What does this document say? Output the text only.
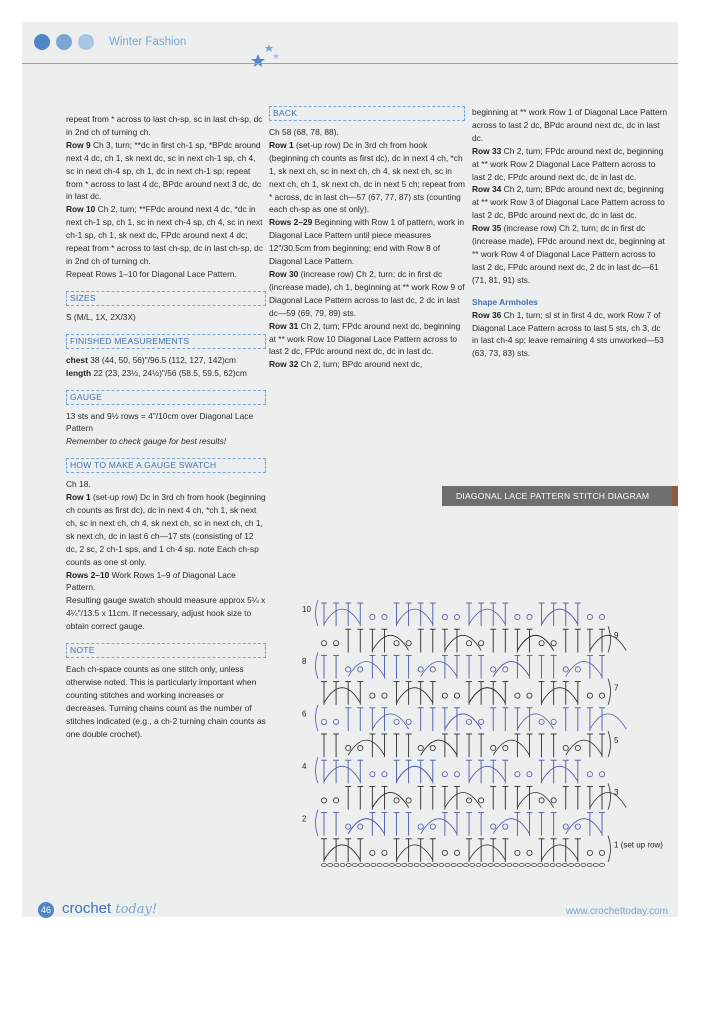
Winter Fashion

repeat from * across to last ch-sp, sc in last ch-sp, dc in 2nd ch of turning ch.

Row 9 Ch 3, turn; **dc in first ch-1 sp, *BPdc around next 4 dc, ch 1, sk next dc, sc in next ch-1 sp, ch 4, sc in next ch-4 sp, ch 1, dc in next ch-1 sp; repeat from * across to last 4 dc, BPdc around next 3 dc, dc in last dc.

Row 10 Ch 2, turn; **FPdc around next 4 dc, *dc in next ch-1 sp, ch 1, sc in next ch-4 sp, ch 4, sc in next ch-1 sp, ch 1, sk next dc, FPdc around next 4 dc; repeat from * across to last ch-sp, dc in last ch-sp, dc in 2nd ch of turning ch.

Repeat Rows 1–10 for Diagonal Lace Pattern.

SIZES

S (M/L, 1X, 2X/3X)

FINISHED MEASUREMENTS

chest 38 (44, 50, 56)"/96.5 (112, 127, 142)cm

length 22 (23, 23½, 24½)"/56 (58.5, 59.5, 62)cm

GAUGE

13 sts and 9½ rows = 4"/10cm over Diagonal Lace Pattern

Remember to check gauge for best results!

HOW TO MAKE A GAUGE SWATCH

Ch 18.

Row 1 (set-up row) Dc in 3rd ch from hook (beginning ch counts as first dc), dc in next 4 ch, *ch 1, sk next ch, sc in next ch, ch 4, sk next ch, sc in next ch, ch 1, sk next ch, dc in last 6 ch—17 sts (consisting of 12 dc, 2 sc, 2 ch-1 sps, and 1 ch-4 sp. note Each ch-sp counts as one st only.

Rows 2–10 Work Rows 1–9 of Diagonal Lace Pattern.

Resulting gauge swatch should measure approx 5¼ x 4¼"/13.5 x 11cm. If necessary, adjust hook size to obtain correct gauge.

NOTE

Each ch-space counts as one stitch only, unless otherwise noted. This is particularly important when counting stitches and working increases or decreases. Turning chains count as the number of stitches indicated (e.g., a ch-2 turning chain counts as one double crochet).

BACK

Ch 58 (68, 78, 88).

Row 1 (set-up row) Dc in 3rd ch from hook (beginning ch counts as first dc), dc in next 4 ch, *ch 1, sk next ch, sc in next ch, ch 4, sk next ch, sc in next ch, ch 1, sk next ch, dc in next 5 ch; repeat from * across, dc in last ch—57 (67, 77, 87) sts (counting each ch-sp as one st only).

Rows 2–29 Beginning with Row 1 of pattern, work in Diagonal Lace Pattern until piece measures 12"/30.5cm from beginning; end with Row 8 of Diagonal Lace Pattern.

Row 30 (increase row) Ch 2, turn; dc in first dc (increase made), ch 1, beginning at ** work Row 9 of Diagonal Lace Pattern across to last dc, 2 dc in last dc—59 (69, 79, 89) sts.

Row 31 Ch 2, turn; FPdc around next dc, beginning at ** work Row 10 Diagonal Lace Pattern across to last 2 dc, FPdc around next dc, dc in last dc.

Row 32 Ch 2, turn; BPdc around next dc,

beginning at ** work Row 1 of Diagonal Lace Pattern across to last 2 dc, BPdc around next dc, dc in last dc.

Row 33 Ch 2, turn; FPdc around next dc, beginning at ** work Row 2 Diagonal Lace Pattern across to last 2 dc, FPdc around next dc, dc in last dc.

Row 34 Ch 2, turn; BPdc around next dc, beginning at ** work Row 3 of Diagonal Lace Pattern across to last 2 dc, BPdc around next dc, dc in last dc.

Row 35 (increase row) Ch 2, turn; dc in first dc (increase made), FPdc around next dc, beginning at ** work Row 4 of Diagonal Lace Pattern across to last 2 dc, FPdc around next dc, 2 dc in last dc—61 (71, 81, 91) sts.

Shape Armholes

Row 36 Ch 1, turn; sl st in first 4 dc, work Row 7 of Diagonal Lace Pattern across to last 5 sts, ch 3, dc in last ch-4 sp; leave remaining 4 sts unworked—53 (63, 73, 83) sts.

DIAGONAL LACE PATTERN STITCH DIAGRAM
1 (set up row)
2
3
4
5
6
7
8
9
10
46 crochet today!	www.crochettoday.com
